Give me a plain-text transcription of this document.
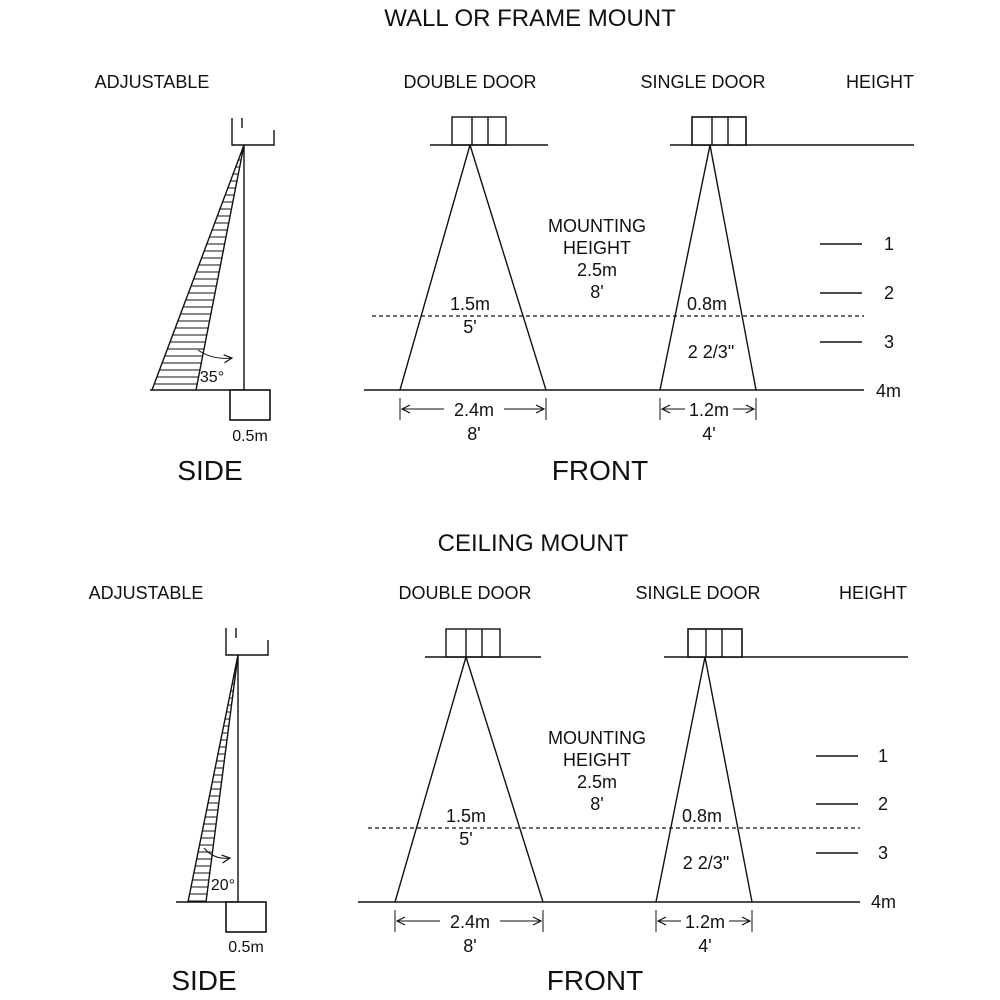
WALL OR FRAME MOUNT
ADJUSTABLE	DOUBLE DOOR	SINGLE DOOR	HEIGHT
35°
0.5m
SIDE
MOUNTING
HEIGHT
2.5m
8'
1.5m
5'
0.8m
2 2/3"
1
2
3
4m
2.4m
8'
1.2m
4'
FRONT
CEILING MOUNT
ADJUSTABLE	DOUBLE DOOR	SINGLE DOOR	HEIGHT
20°
0.5m
SIDE
MOUNTING
HEIGHT
2.5m
8'
1.5m
5'
0.8m
2 2/3"
1
2
3
4m
2.4m
8'
1.2m
4'
FRONT
